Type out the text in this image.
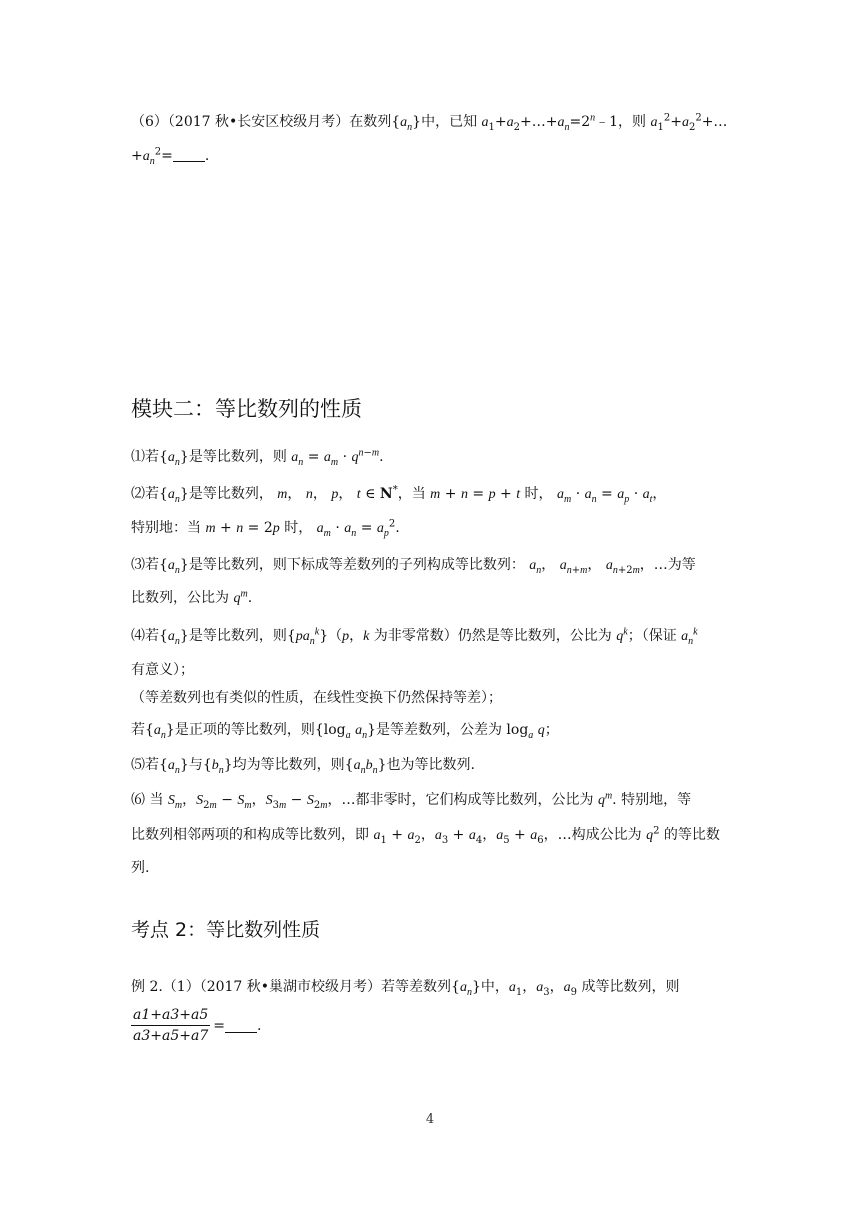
（6）（2017 秋•长安区校级月考）在数列$\{a_n\}$中，已知 $a_1+a_2+\dots+a_n=2^n﹣1$，则 $a_1^2+a_2^2+\dots$
$+a_n^2=$ .
模块二：等比数列的性质
⑴若$\{a_n\}$是等比数列，则 $a_n = a_m \cdot q^{n-m}$.
⑵若$\{a_n\}$是等比数列， m， n， p， t ∈ N*，当 m + n = p + t 时， $a_m \cdot a_n = a_p \cdot a_t$，
特别地：当 m + n = 2p 时， $a_m \cdot a_n = a_p^2$.
⑶若$\{a_n\}$是等比数列，则下标成等差数列的子列构成等比数列： $a_n$， $a_{n+m}$， $a_{n+2m}$，…为等
比数列，公比为 $q^m$.
⑷若$\{a_n\}$是等比数列，则$\{pa_n^k\}(p$，k 为非零常数）仍然是等比数列，公比为 $q^k$；（保证 $a_n^k$
有意义）；
（等差数列也有类似的性质，在线性变换下仍然保持等差）；
若$\{a_n\}$是正项的等比数列，则{$\log_a$ $a_n$}是等差数列，公差为 $\log_a q$；
⑸若$\{a_n\}$与$\{b_n\}$均为等比数列，则$\{a_nb_n\}$也为等比数列.
⑹ 当 $S_m$，$S_{2m} - S_m$，$S_{3m} - S_{2m}$，…都非零时，它们构成等比数列，公比为 $q^m$. 特别地，等
比数列相邻两项的和构成等比数列，即 $a_1 + a_2$，$a_3 + a_4$，$a_5 + a_6$，…构成公比为 $q^2$ 的等比数
列.
考点 2：等比数列性质
例 2.（1）（2017 秋•巢湖市校级月考）若等差数列$\{a_n\}$中，$a_1$，$a_3$，$a_9$ 成等比数列，则
$\frac{a1+a3+a5}{a3+a5+a7}$ = .
4
